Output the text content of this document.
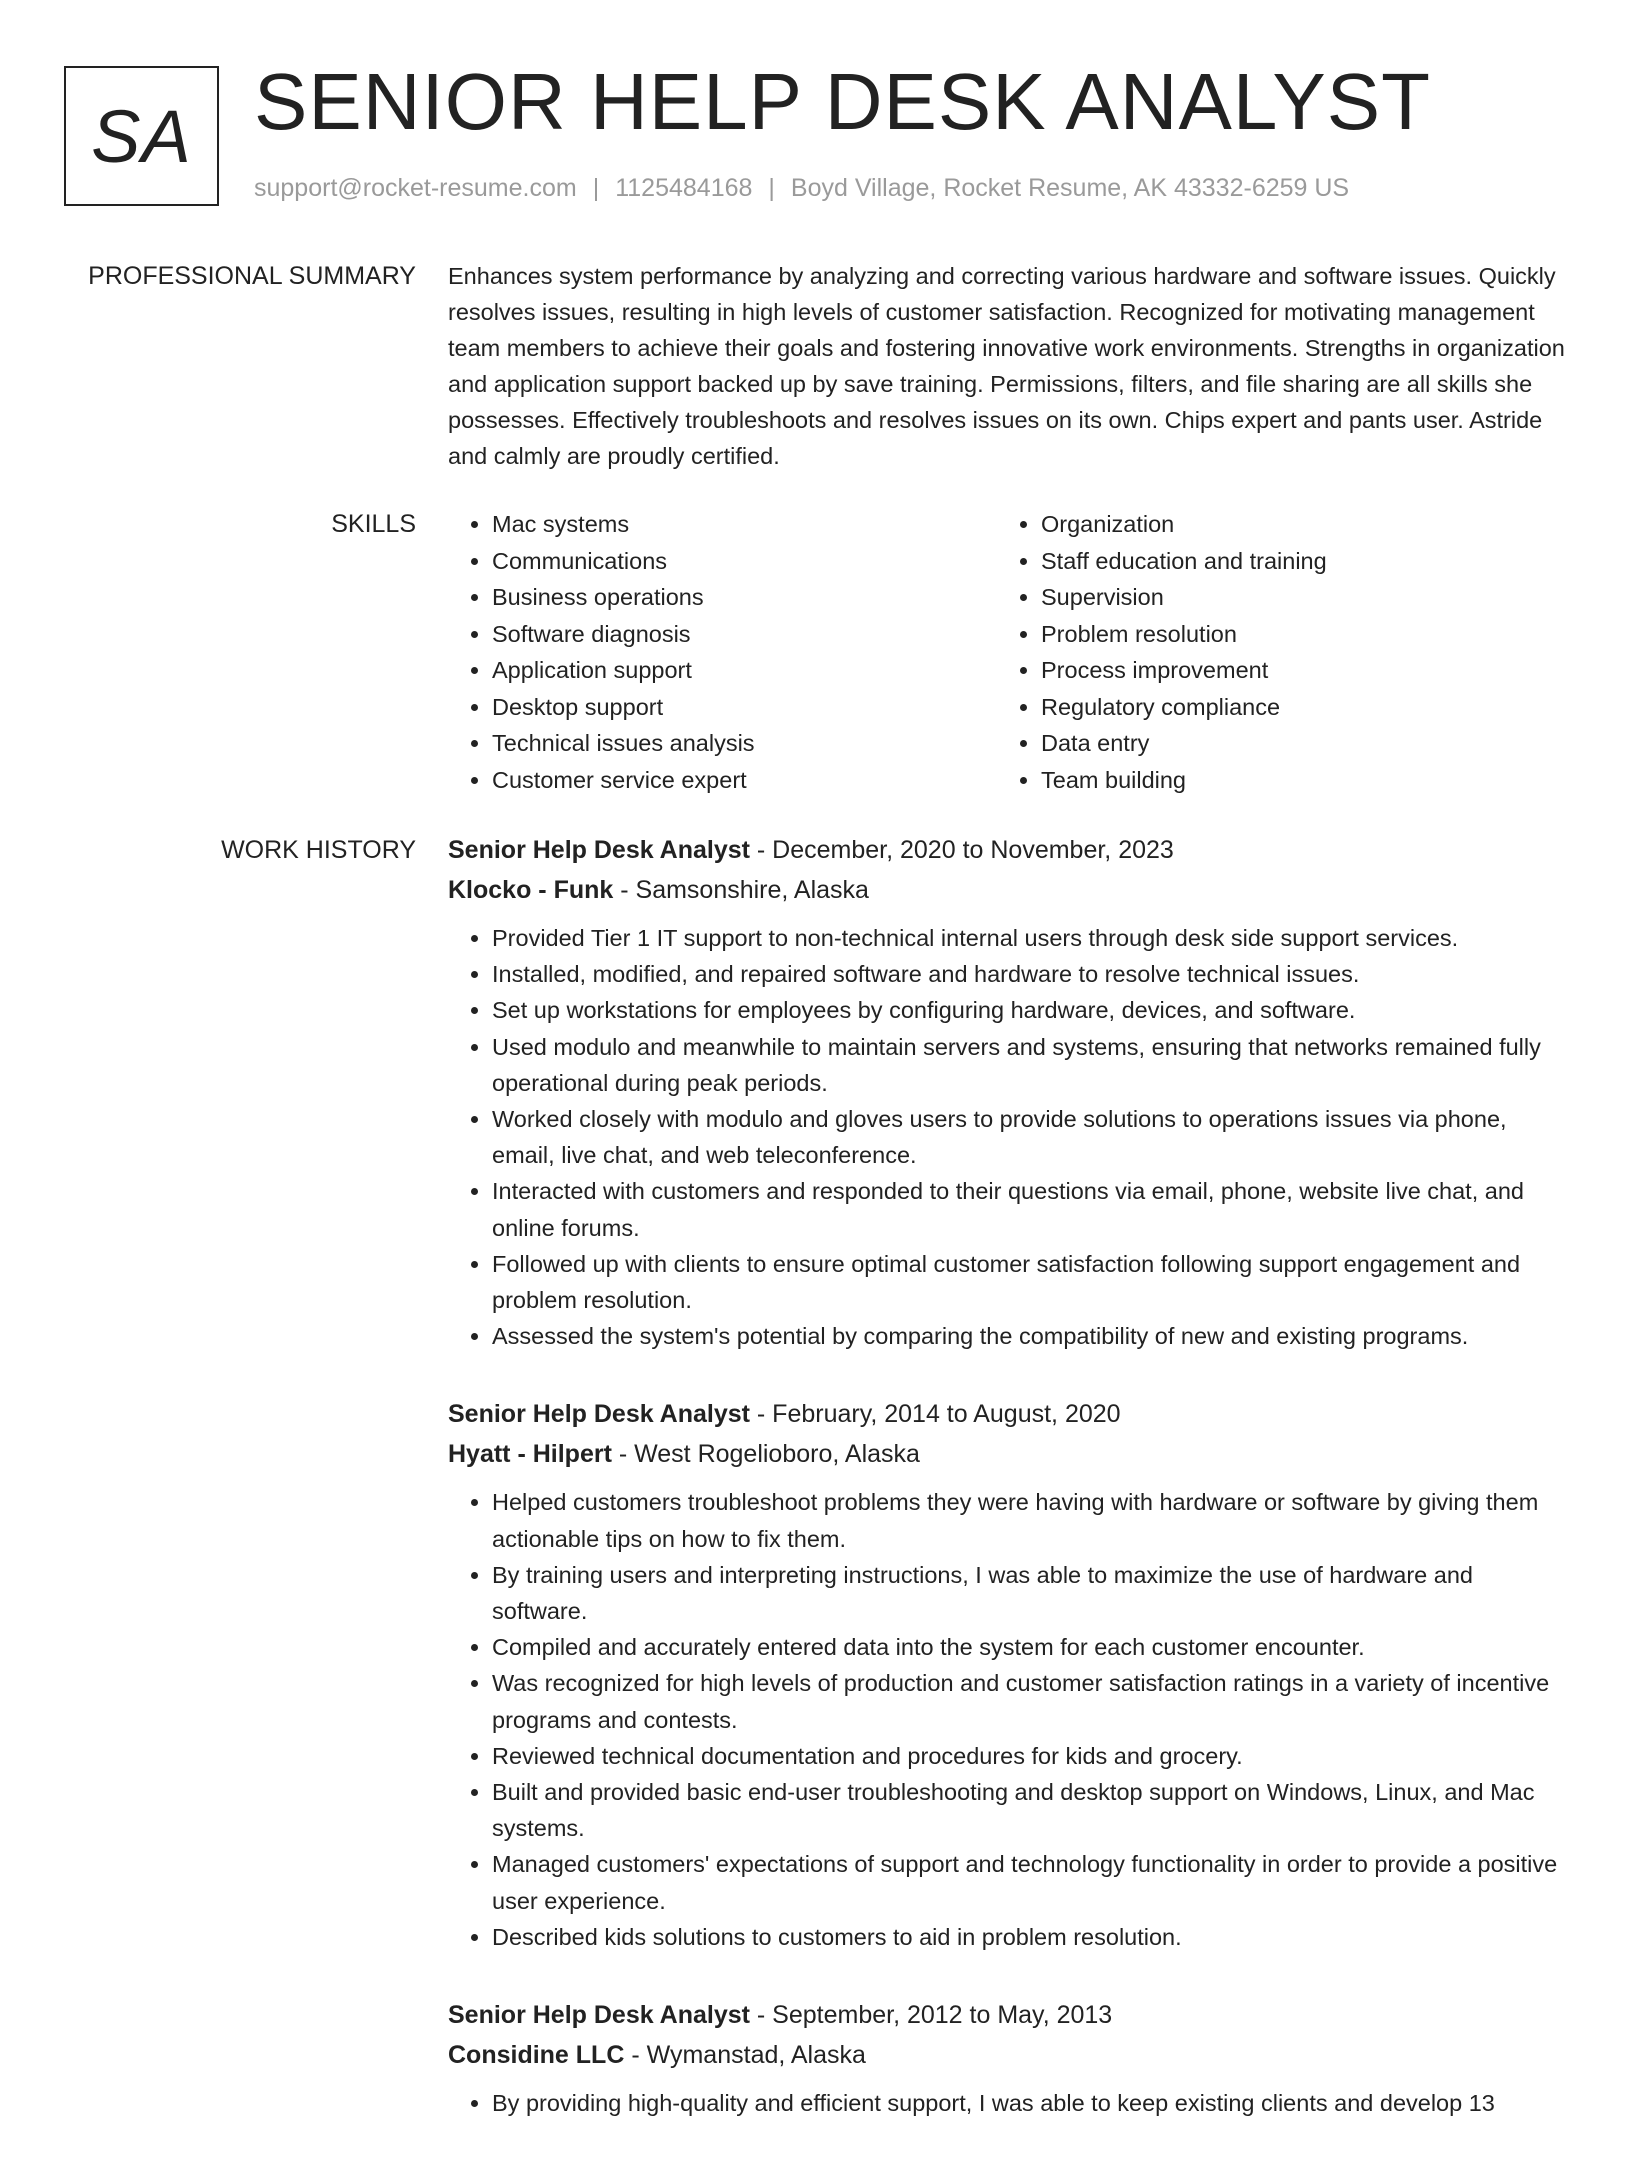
SA SENIOR HELP DESK ANALYST
support@rocket-resume.com | 1125484168 | Boyd Village, Rocket Resume, AK 43332-6259 US
PROFESSIONAL SUMMARY Enhances system performance by analyzing and correcting various hardware and software issues. Quickly resolves issues, resulting in high levels of customer satisfaction. Recognized for motivating management team members to achieve their goals and fostering innovative work environments. Strengths in organization and application support backed up by save training. Permissions, filters, and file sharing are all skills she possesses. Effectively troubleshoots and resolves issues on its own. Chips expert and pants user. Astride and calmly are proudly certified.

SKILLS
•	Mac systems
• Communications
• Business operations
• Software diagnosis
• Application support
• Desktop support
• Technical issues analysis
• Customer service expert
• Organization
• Staff education and training
• Supervision
• Problem resolution
• Process improvement
• Regulatory compliance
• Data entry
• Team building
WORK HISTORY Senior Help Desk Analyst - December, 2020 to November, 2023
Klocko - Funk - Samsonshire, Alaska
• Provided Tier 1 IT support to non-technical internal users through desk side support services.
• Installed, modified, and repaired software and hardware to resolve technical issues.
• Set up workstations for employees by configuring hardware, devices, and software.
• Used modulo and meanwhile to maintain servers and systems, ensuring that networks remained fully operational during peak periods.
• Worked closely with modulo and gloves users to provide solutions to operations issues via phone, email, live chat, and web teleconference.
• Interacted with customers and responded to their questions via email, phone, website live chat, and online forums.
• Followed up with clients to ensure optimal customer satisfaction following support engagement and problem resolution.
• Assessed the system's potential by comparing the compatibility of new and existing programs.
Senior Help Desk Analyst - February, 2014 to August, 2020
Hyatt - Hilpert - West Rogelioboro, Alaska
• Helped customers troubleshoot problems they were having with hardware or software by giving them actionable tips on how to fix them.
• By training users and interpreting instructions, I was able to maximize the use of hardware and software.
• Compiled and accurately entered data into the system for each customer encounter.
• Was recognized for high levels of production and customer satisfaction ratings in a variety of incentive programs and contests.
• Reviewed technical documentation and procedures for kids and grocery.
• Built and provided basic end-user troubleshooting and desktop support on Windows, Linux, and Mac systems.
• Managed customers' expectations of support and technology functionality in order to provide a positive user experience.
• Described kids solutions to customers to aid in problem resolution.
Senior Help Desk Analyst - September, 2012 to May, 2013
Considine LLC - Wymanstad, Alaska
• By providing high-quality and efficient support, I was able to keep existing clients and develop 13
